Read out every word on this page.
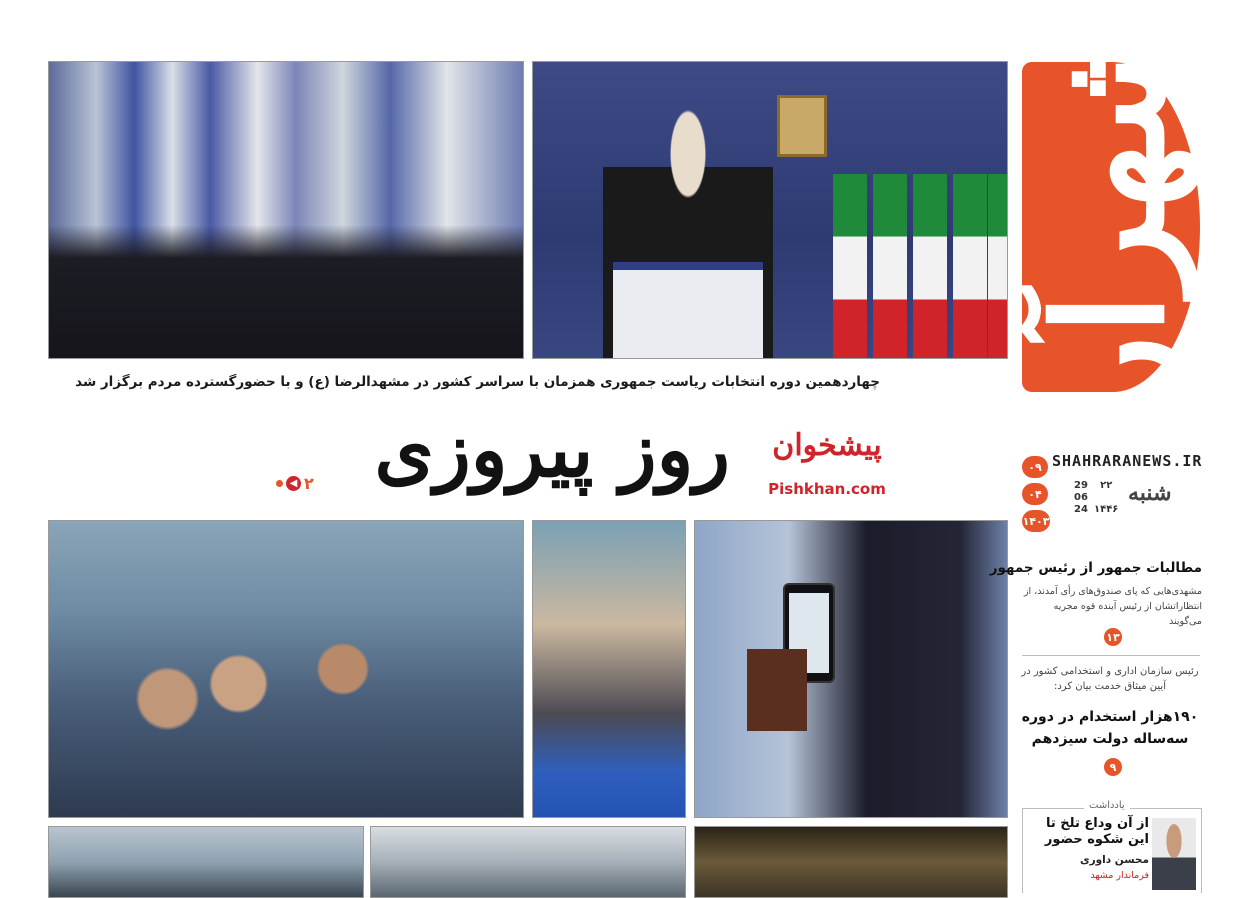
شهرآرا
SHAHRARANEWS.IR
۰۹
۰۴
۱۴۰۳
29
06
24
۲۲
۱۴۴۶
شنبه
چهاردهمین دوره انتخابات ریاست جمهوری همزمان با سراسر کشور در مشهدالرضا (ع) و با حضورگسترده مردم برگزار شد
روز پیروزی
◀ ۲
پیشخوان
Pishkhan.com
مطالبات جمهور از رئیس جمهور
مشهدی‌هایی که پای صندوق‌های رأی آمدند، از انتظاراتشان از رئیس آینده قوه مجریه می‌گویند
۱۳
رئیس سازمان اداری و استخدامی کشور در آیین میثاق خدمت بیان کرد:
۱۹۰هزار استخدام در دوره سه‌ساله دولت سیزدهم
۹
یادداشت
از آن وداع تلخ تا این شکوه حضور
محسن داوری
فرماندار مشهد
